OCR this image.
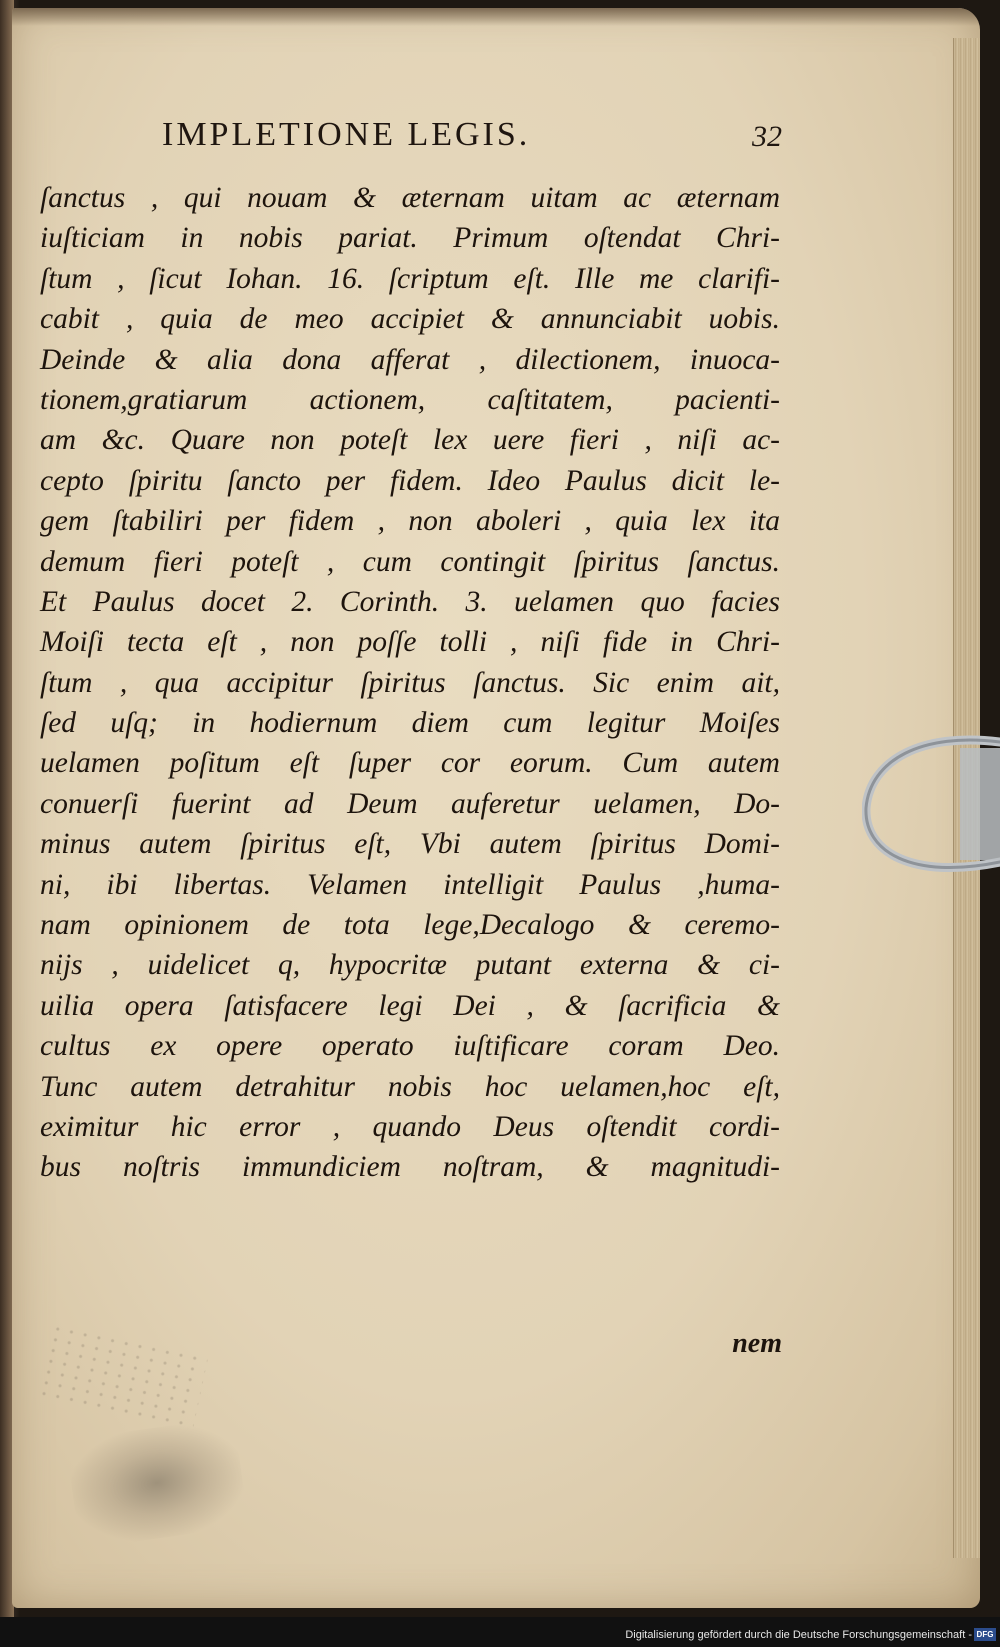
IMPLETIONE LEGIS.	32
ſanctus , qui nouam & æternam uitam ac æternam
iuſticiam in nobis pariat. Primum oſtendat Chri-
ſtum , ſicut Iohan. 16. ſcriptum eſt. Ille me clarifi-
cabit , quia de meo accipiet & annunciabit uobis.
Deinde & alia dona afferat , dilectionem, inuoca-
tionem,gratiarum actionem, caſtitatem, pacienti-
am &c. Quare non poteſt lex uere fieri , niſi ac-
cepto ſpiritu ſancto per fidem. Ideo Paulus dicit le-
gem ſtabiliri per fidem , non aboleri , quia lex ita
demum fieri poteſt , cum contingit ſpiritus ſanctus.
Et Paulus docet 2. Corinth. 3. uelamen quo facies
Moiſi tecta eſt , non poſſe tolli , niſi fide in Chri-
ſtum , qua accipitur ſpiritus ſanctus. Sic enim ait,
ſed uſq; in hodiernum diem cum legitur Moiſes
uelamen poſitum eſt ſuper cor eorum. Cum autem
conuerſi fuerint ad Deum auferetur uelamen, Do-
minus autem ſpiritus eſt, Vbi autem ſpiritus Domi-
ni, ibi libertas. Velamen intelligit Paulus ,huma-
nam opinionem de tota lege,Decalogo & ceremo-
nijs , uidelicet q, hypocritæ putant externa & ci-
uilia opera ſatisfacere legi Dei , & ſacrificia &
cultus ex opere operato iuſtificare coram Deo.
Tunc autem detrahitur nobis hoc uelamen,hoc eſt,
eximitur hic error , quando Deus oſtendit cordi-
bus noſtris immundiciem noſtram, & magnitudi-
nem
Digitalisierung gefördert durch die Deutsche Forschungsgemeinschaft - DFG
